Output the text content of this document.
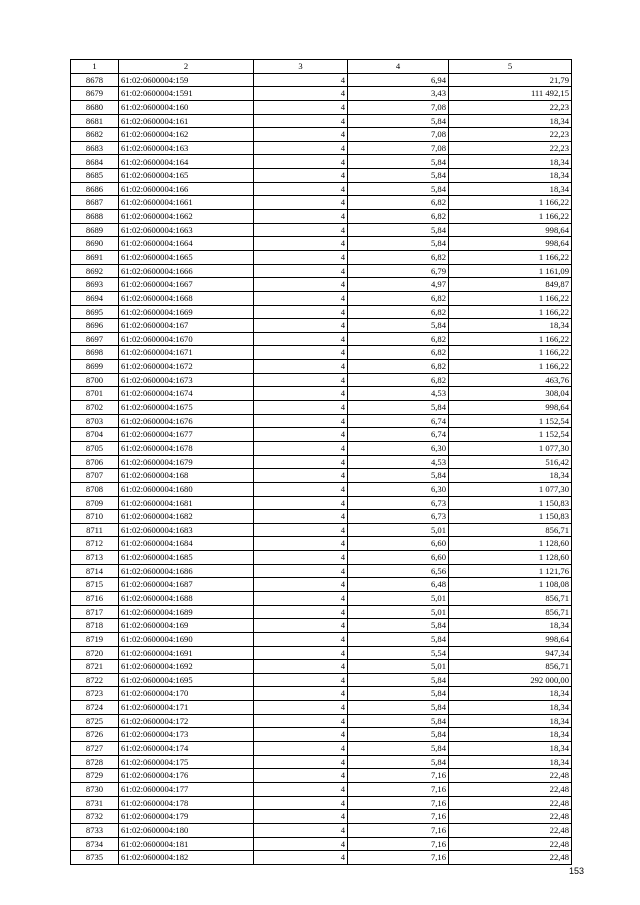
1	2	3	4	5
8678	61:02:0600004:159	4	6,94	21,79
8679	61:02:0600004:1591	4	3,43	111 492,15
8680	61:02:0600004:160	4	7,08	22,23
8681	61:02:0600004:161	4	5,84	18,34
8682	61:02:0600004:162	4	7,08	22,23
8683	61:02:0600004:163	4	7,08	22,23
8684	61:02:0600004:164	4	5,84	18,34
8685	61:02:0600004:165	4	5,84	18,34
8686	61:02:0600004:166	4	5,84	18,34
8687	61:02:0600004:1661	4	6,82	1 166,22
8688	61:02:0600004:1662	4	6,82	1 166,22
8689	61:02:0600004:1663	4	5,84	998,64
8690	61:02:0600004:1664	4	5,84	998,64
8691	61:02:0600004:1665	4	6,82	1 166,22
8692	61:02:0600004:1666	4	6,79	1 161,09
8693	61:02:0600004:1667	4	4,97	849,87
8694	61:02:0600004:1668	4	6,82	1 166,22
8695	61:02:0600004:1669	4	6,82	1 166,22
8696	61:02:0600004:167	4	5,84	18,34
8697	61:02:0600004:1670	4	6,82	1 166,22
8698	61:02:0600004:1671	4	6,82	1 166,22
8699	61:02:0600004:1672	4	6,82	1 166,22
8700	61:02:0600004:1673	4	6,82	463,76
8701	61:02:0600004:1674	4	4,53	308,04
8702	61:02:0600004:1675	4	5,84	998,64
8703	61:02:0600004:1676	4	6,74	1 152,54
8704	61:02:0600004:1677	4	6,74	1 152,54
8705	61:02:0600004:1678	4	6,30	1 077,30
8706	61:02:0600004:1679	4	4,53	516,42
8707	61:02:0600004:168	4	5,84	18,34
8708	61:02:0600004:1680	4	6,30	1 077,30
8709	61:02:0600004:1681	4	6,73	1 150,83
8710	61:02:0600004:1682	4	6,73	1 150,83
8711	61:02:0600004:1683	4	5,01	856,71
8712	61:02:0600004:1684	4	6,60	1 128,60
8713	61:02:0600004:1685	4	6,60	1 128,60
8714	61:02:0600004:1686	4	6,56	1 121,76
8715	61:02:0600004:1687	4	6,48	1 108,08
8716	61:02:0600004:1688	4	5,01	856,71
8717	61:02:0600004:1689	4	5,01	856,71
8718	61:02:0600004:169	4	5,84	18,34
8719	61:02:0600004:1690	4	5,84	998,64
8720	61:02:0600004:1691	4	5,54	947,34
8721	61:02:0600004:1692	4	5,01	856,71
8722	61:02:0600004:1695	4	5,84	292 000,00
8723	61:02:0600004:170	4	5,84	18,34
8724	61:02:0600004:171	4	5,84	18,34
8725	61:02:0600004:172	4	5,84	18,34
8726	61:02:0600004:173	4	5,84	18,34
8727	61:02:0600004:174	4	5,84	18,34
8728	61:02:0600004:175	4	5,84	18,34
8729	61:02:0600004:176	4	7,16	22,48
8730	61:02:0600004:177	4	7,16	22,48
8731	61:02:0600004:178	4	7,16	22,48
8732	61:02:0600004:179	4	7,16	22,48
8733	61:02:0600004:180	4	7,16	22,48
8734	61:02:0600004:181	4	7,16	22,48
8735	61:02:0600004:182	4	7,16	22,48
153
